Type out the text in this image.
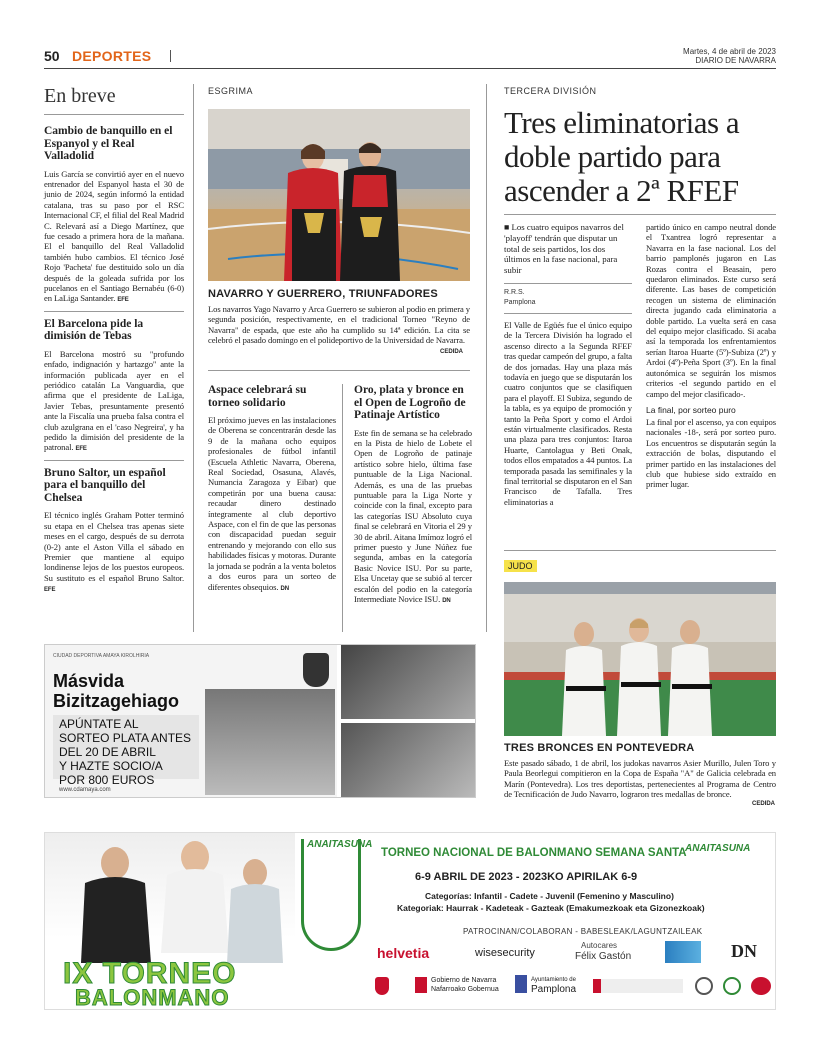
50 DEPORTES	Martes, 4 de abril de 2023
DIARIO DE NAVARRA
En breve
Cambio de banquillo en el Espanyol y el Real Valladolid
Luis García se convirtió ayer en el nuevo entrenador del Espanyol hasta el 30 de junio de 2024, según informó la entidad catalana, tras su paso por el RSC Internacional CF, el filial del Real Madrid C. Relevará así a Diego Martínez, que fue cesado a primera hora de la mañana. El el banquillo del Real Valladolid también hubo cambios. El técnico José Rojo 'Pacheta' fue destituido solo un día después de la goleada sufrida por los pucelanos en el Santiago Bernabéu (6-0) en LaLiga Santander. EFE
El Barcelona pide la dimisión de Tebas
El Barcelona mostró su "profundo enfado, indignación y hartazgo" ante la información publicada ayer en el periódico catalán La Vanguardia, que afirma que el presidente de LaLiga, Javier Tebas, presuntamente presentó ante la Fiscalía una prueba falsa contra el club azulgrana en el 'caso Negreira', y ha pedido la dimisión del presidente de la patronal. EFE
Bruno Saltor, un español para el banquillo del Chelsea
El técnico inglés Graham Potter terminó su etapa en el Chelsea tras apenas siete meses en el cargo, después de su derrota (0-2) ante el Aston Villa el sábado en Premier que mantiene al equipo londinense lejos de los puestos europeos. Su sustituto es el español Bruno Saltor. EFE
ESGRIMA
NAVARRO Y GUERRERO, TRIUNFADORES
Los navarros Yago Navarro y Arca Guerrero se subieron al podio en primera y segunda posición, respectivamente, en el tradicional Torneo "Reyno de Navarra" de espada, que este año ha cumplido su 14ª edición. La cita se celebró el pasado domingo en el polideportivo de la Universidad de Navarra.
CEDIDA
Aspace celebrará su torneo solidario
El próximo jueves en las instalaciones de Oberena se concentrarán desde las 9 de la mañana ocho equipos profesionales de fútbol infantil (Escuela Athletic Navarra, Oberena, Real Sociedad, Osasuna, Alavés, Numancia Zaragoza y Eibar) que competirán por una buena causa: recaudar dinero destinado íntegramente al club deportivo Aspace, con el fin de que las personas con discapacidad puedan seguir entrenando y mejorando con ello sus habilidades físicas y motoras. Durante la jornada se podrán a la venta boletos a dos euros para un sorteo de diferentes obsequios. DN
Oro, plata y bronce en el Open de Logroño de Patinaje Artístico
Este fin de semana se ha celebrado en la Pista de hielo de Lobete el Open de Logroño de patinaje artístico sobre hielo, última fase puntuable de la Liga Nacional. Además, es una de las pruebas puntuable para la Liga Norte y coincide con la final, excepto para las categorías ISU Absoluto cuya final se celebrará en Vitoria el 29 y 30 de abril. Aitana Imímoz logró el primer puesto y June Núñez fue segunda, ambas en la categoría Basic Novice ISU. Por su parte, Elsa Uncetay que se subió al tercer escalón del podio en la categoría Intermediate Novice ISU. DN
TERCERA DIVISIÓN
Tres eliminatorias a doble partido para ascender a 2ª RFEF
■ Los cuatro equipos navarros del 'playoff' tendrán que disputar un total de seis partidos, los dos últimos en la fase nacional, para subir
R.R.S.
Pamplona
El Valle de Egüés fue el único equipo de la Tercera División ha logrado el ascenso directo a la Segunda RFEF tras quedar campeón del grupo, a falta de dos jornadas. Hay una plaza más todavía en juego que se disputarán los cuatro conjuntos que se clasifiquen para el playoff. El Subiza, segundo de la tabla, es ya equipo de promoción y tanto la Peña Sport y como el Ardoi están virtualmente clasificados. Resta una plaza para tres conjuntos: Itaroa Huarte, Cantolagua y Beti Onak, todos ellos empatados a 44 puntos. La temporada pasada las semifinales y la final territorial se disputaron en el San Francisco de Tafalla. Tres eliminatorias a
partido único en campo neutral donde el Txantrea logró representar a Navarra en la fase nacional. Los del barrio pamplonés jugaron en Las Rozas contra el Beasain, pero quedaron eliminados. Este curso será diferente. Las bases de competición recogen un sistema de eliminación directa jugando cada eliminatoria a doble partido. La vuelta será en casa del equipo mejor clasificado. Si acaba así la temporada los enfrentamientos serían Itaroa Huarte (5º)-Subiza (2º) y Ardoi (4º)-Peña Sport (3º). En la final autonómica se seguirán los mismos criterios -el segundo partido en el campo del mejor clasificado-.
La final, por sorteo puro
La final por el ascenso, ya con equipos nacionales -18-, será por sorteo puro. Los encuentros se disputarán según la extracción de bolas, disputando el primer partido en las instalaciones del club que hubiese sido extraído en primer lugar.
JUDO
TRES BRONCES EN PONTEVEDRA
Este pasado sábado, 1 de abril, los judokas navarros Asier Murillo, Julen Toro y Paula Beorlegui compitieron en la Copa de España "A" de Galicia celebrada en Marín (Pontevedra). Los tres deportistas, pertenecientes al Programa de Centro de Tecnificación de Judo Navarro, lograron tres medallas de bronce.
CEDIDA
CIUDAD DEPORTIVA AMAYA KIROLHIRIA
Másvida
Bizitzagehiago
APÚNTATE AL
SORTEO PLATA ANTES
DEL 20 DE ABRIL
Y HAZTE SOCIO/A
POR 800 EUROS
www.cdamaya.com
IX TORNEO
BALONMANO
ANAITASUNA
TORNEO NACIONAL DE BALONMANO SEMANA SANTA
ANAITASUNA
6-9 ABRIL DE 2023 - 2023KO APIRILAK 6-9
Categorías: Infantil - Cadete - Juvenil (Femenino y Masculino)
Kategoriak: Haurrak - Kadeteak - Gazteak (Emakumezkoak eta Gizonezkoak)
PATROCINAN/COLABORAN - BABESLEAK/LAGUNTZAILEAK
helvetia	wisesecurity
Autocares
Félix Gastón	DN
Gobierno de Navarra
Nafarroako Gobernua
Ayuntamiento de
Pamplona
